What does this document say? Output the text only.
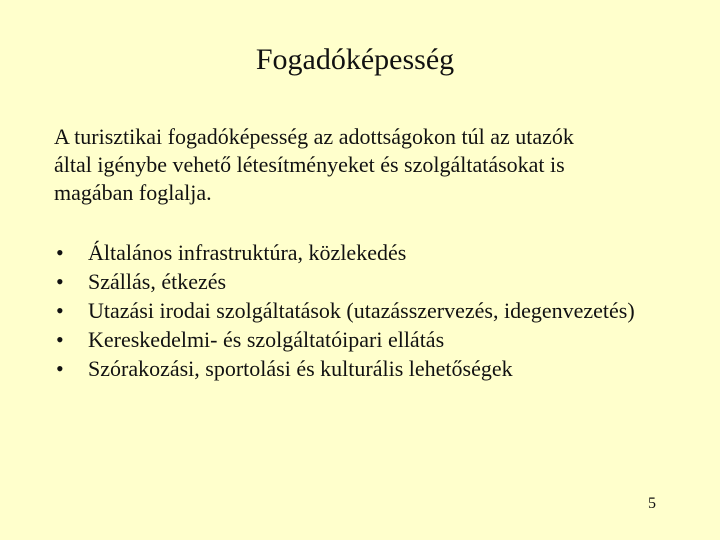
Fogadóképesség

A turisztikai fogadóképesség az adottságokon túl az utazók
által igénybe vehető létesítményeket és szolgáltatásokat is
magában foglalja.

• Általános infrastruktúra, közlekedés
• Szállás, étkezés
• Utazási irodai szolgáltatások (utazásszervezés, idegenvezetés)
• Kereskedelmi- és szolgáltatóipari ellátás
• Szórakozási, sportolási és kulturális lehetőségek
5
